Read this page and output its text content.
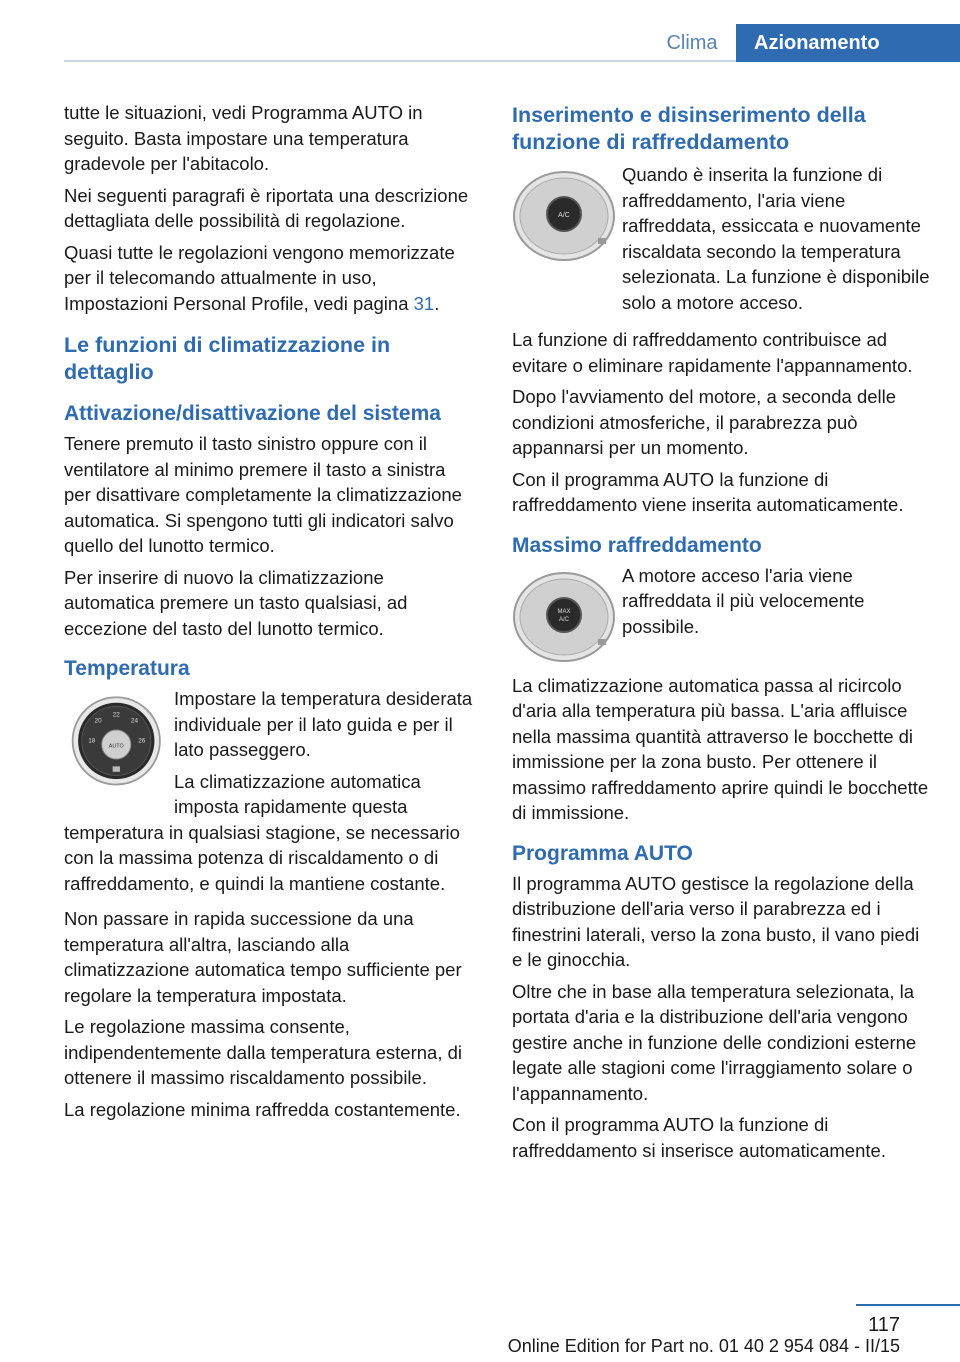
Clima	Azionamento

tutte le situazioni, vedi Programma AUTO in seguito. Basta impostare una temperatura gradevole per l'abitacolo.

Nei seguenti paragrafi è riportata una descrizione dettagliata delle possibilità di regolazione.

Quasi tutte le regolazioni vengono memorizzate per il telecomando attualmente in uso, Impostazioni Personal Profile, vedi pagina 31.

Le funzioni di climatizzazione in dettaglio
Attivazione/disattivazione del sistema

Tenere premuto il tasto sinistro oppure con il ventilatore al minimo premere il tasto a sinistra per disattivare completamente la climatizzazione automatica. Si spengono tutti gli indicatori salvo quello del lunotto termico.

Per inserire di nuovo la climatizzazione automatica premere un tasto qualsiasi, ad eccezione del tasto del lunotto termico.

Temperatura
AUTO
22
20	24
18	26

Impostare la temperatura desiderata individuale per il lato guida e per il lato passeggero.

La climatizzazione automatica imposta rapidamente questa temperatura in qualsiasi stagione, se necessario con la massima potenza di riscaldamento o di raffreddamento, e quindi la mantiene costante.

Non passare in rapida successione da una temperatura all'altra, lasciando alla climatizzazione automatica tempo sufficiente per regolare la temperatura impostata.

Le regolazione massima consente, indipendentemente dalla temperatura esterna, di ottenere il massimo riscaldamento possibile.

La regolazione minima raffredda costantemente.

Inserimento e disinserimento della funzione di raffreddamento
A/C

Quando è inserita la funzione di raffreddamento, l'aria viene raffreddata, essiccata e nuovamente riscaldata secondo la temperatura selezionata. La funzione è disponibile solo a motore acceso.

La funzione di raffreddamento contribuisce ad evitare o eliminare rapidamente l'appannamento.

Dopo l'avviamento del motore, a seconda delle condizioni atmosferiche, il parabrezza può appannarsi per un momento.

Con il programma AUTO la funzione di raffreddamento viene inserita automaticamente.

Massimo raffreddamento
MAX
A/C

A motore acceso l'aria viene raffreddata il più velocemente possibile.

La climatizzazione automatica passa al ricircolo d'aria alla temperatura più bassa. L'aria affluisce nella massima quantità attraverso le bocchette di immissione per la zona busto. Per ottenere il massimo raffreddamento aprire quindi le bocchette di immissione.

Programma AUTO

Il programma AUTO gestisce la regolazione della distribuzione dell'aria verso il parabrezza ed i finestrini laterali, verso la zona busto, il vano piedi e le ginocchia.

Oltre che in base alla temperatura selezionata, la portata d'aria e la distribuzione dell'aria vengono gestire anche in funzione delle condizioni esterne legate alle stagioni come l'irraggiamento solare o l'appannamento.

Con il programma AUTO la funzione di raffreddamento si inserisce automaticamente.

117
Online Edition for Part no. 01 40 2 954 084 - II/15
